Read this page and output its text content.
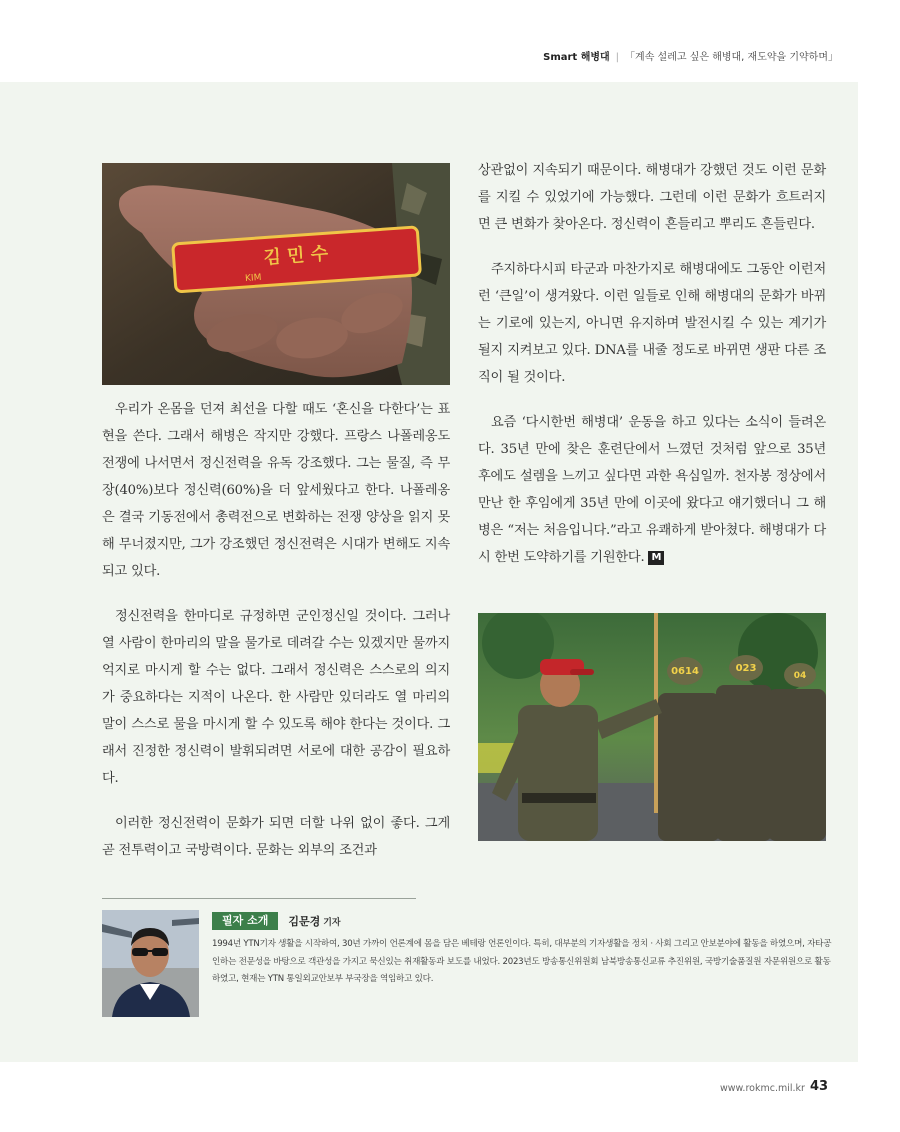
Smart 해병대 | 「계속 설레고 싶은 해병대, 재도약을 기약하며」
김 민 수
KIM

우리가 온몸을 던져 최선을 다할 때도 ‘혼신을 다한다’는 표현을 쓴다. 그래서 해병은 작지만 강했다. 프랑스 나폴레옹도 전쟁에 나서면서 정신전력을 유독 강조했다. 그는 물질, 즉 무장(40%)보다 정신력(60%)을 더 앞세웠다고 한다. 나폴레옹은 결국 기동전에서 총력전으로 변화하는 전쟁 양상을 읽지 못해 무너졌지만, 그가 강조했던 정신전력은 시대가 변해도 지속되고 있다.

정신전력을 한마디로 규정하면 군인정신일 것이다. 그러나 열 사람이 한마리의 말을 물가로 데려갈 수는 있겠지만 물까지 억지로 마시게 할 수는 없다. 그래서 정신력은 스스로의 의지가 중요하다는 지적이 나온다. 한 사람만 있더라도 열 마리의 말이 스스로 물을 마시게 할 수 있도록 해야 한다는 것이다. 그래서 진정한 정신력이 발휘되려면 서로에 대한 공감이 필요하다.

이러한 정신전력이 문화가 되면 더할 나위 없이 좋다. 그게 곧 전투력이고 국방력이다. 문화는 외부의 조건과

상관없이 지속되기 때문이다. 해병대가 강했던 것도 이런 문화를 지킬 수 있었기에 가능했다. 그런데 이런 문화가 흐트러지면 큰 변화가 찾아온다. 정신력이 흔들리고 뿌리도 흔들린다.

주지하다시피 타군과 마찬가지로 해병대에도 그동안 이런저런 ‘큰일’이 생겨왔다. 이런 일들로 인해 해병대의 문화가 바뀌는 기로에 있는지, 아니면 유지하며 발전시킬 수 있는 계기가 될지 지켜보고 있다. DNA를 내줄 정도로 바뀌면 생판 다른 조직이 될 것이다.

요즘 ‘다시한번 해병대’ 운동을 하고 있다는 소식이 들려온다. 35년 만에 찾은 훈련단에서 느꼈던 것처럼 앞으로 35년 후에도 설렘을 느끼고 싶다면 과한 욕심일까. 천자봉 정상에서 만난 한 후임에게 35년 만에 이곳에 왔다고 얘기했더니 그 해병은 “저는 처음입니다.”라고 유쾌하게 받아쳤다. 해병대가 다시 한번 도약하기를 기원한다. M

0614	023
04
필자 소개	김문경 기자
1994년 YTN기자 생활을 시작하여, 30년 가까이 언론계에 몸을 담은 베테랑 언론인이다. 특히, 대부분의 기자생활을 정치 · 사회 그리고 안보분야에 활동을 하였으며, 자타공인하는 전문성을 바탕으로 객관성을 가지고 묵신있는 취재활동과 보도를 내었다. 2023년도 방송통신위원회 남북방송통신교류 추진위원, 국방기술품질원 자문위원으로 활동하였고, 현재는 YTN 통일외교안보부 부국장을 역임하고 있다.
www.rokmc.mil.kr 43
